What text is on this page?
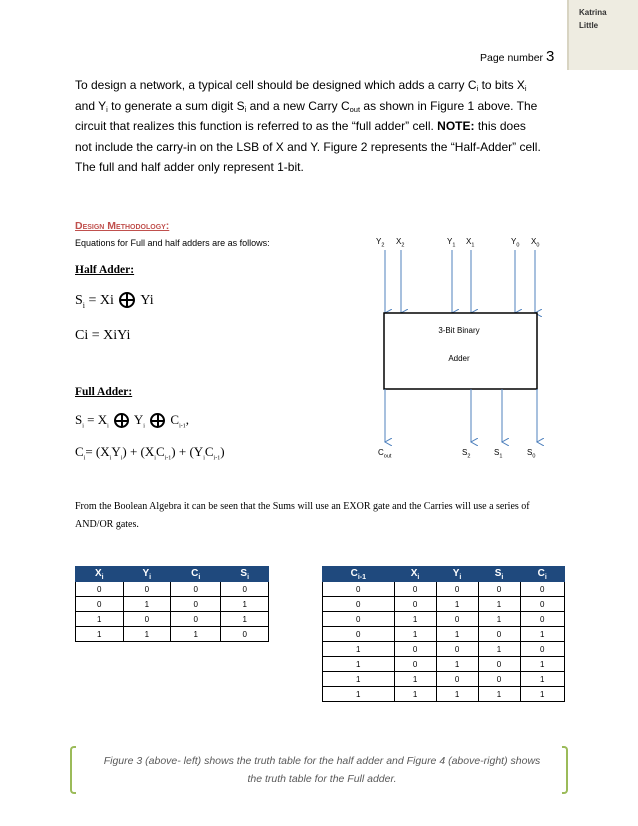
Katrina
Little
Page number 3
To design a network, a typical cell should be designed which adds a carry $C_i$ to bits $X_i$
and $Y_i$ to generate a sum digit $S_i$ and a new Carry $C_{out}$ as shown in Figure 1 above. The
circuit that realizes this function is referred to as the “full adder” cell. NOTE: this does
not include the carry-in on the LSB of X and Y. Figure 2 represents the “Half-Adder” cell.
The full and half adder only represent 1-bit.
Design Methodology:
Equations for Full and half adders are as follows:
Half Adder:
$S_i = Xi$  Yi
Ci = XiYi
Full Adder:
$S_i = X_i$  $Y_i$  $C_{i-1}$,
$C_i= (X_iY_i) + (X_iC_{i-1}) + (Y_iC_{i-1})$
3-Bit Binary
Adder
$Y_2$ $X_2$	$Y_1$ $X_1$	$Y_0$ $X_0$
$C_{out}$	$S_2$	$S_1$	$S_0$
From the Boolean Algebra it can be seen that the Sums will use an EXOR gate and the Carries will use a series of AND/OR gates.
$X_i$	$Y_i$	$C_i$	$S_i$
0	0	0	0
0	1	0	1
1	0	0	1
1	1	1	0
$C_{i-1}$	$X_i$	$Y_i$	$S_i$	$C_i$
0	0	0	0	0
0	0	1	1	0
0	1	0	1	0
0	1	1	0	1
1	0	0	1	0
1	0	1	0	1
1	1	0	0	1
1	1	1	1	1
Figure 3 (above- left) shows the truth table for the half adder and Figure 4 (above-right) shows
the truth table for the Full adder.
